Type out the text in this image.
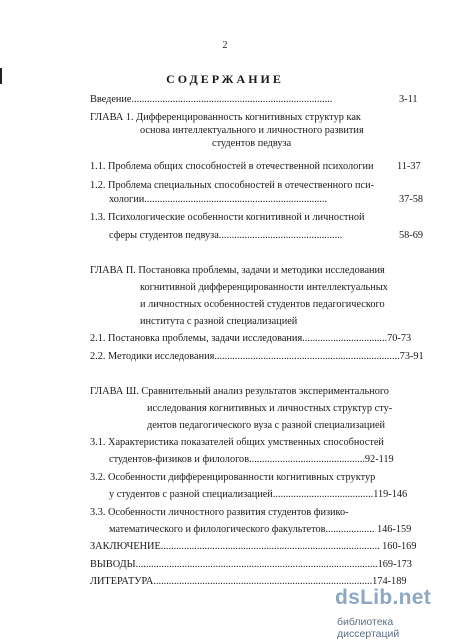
2
СОДЕРЖАНИЕ
Введение..............................................................................	3-11
ГЛАВА 1. Дифференцированность когнитивных структур как
основа интеллектуального и личностного развития
студентов педвуза
1.1. Проблема общих способностей в отечественной психологии 11-37
1.2. Проблема специальных способностей в отечественного пси-
хологии.......................................................................	37-58
1.3. Психологические особенности когнитивной и личностной
сферы студентов педвуза................................................	58-69
ГЛАВА П. Постановка проблемы, задачи и методики исследования
когнитивной дифференцированности интеллектуальных
и личностных особенностей студентов педагогического
института с разной специализацией
2.1. Постановка проблемы, задачи исследования.................................70-73
2.2. Методики исследования........................................................................73-91
ГЛАВА Ш. Сравнительный анализ результатов экспериментального
исследования когнитивных и личностных структур сту-
дентов педагогического вуза с разной специализацией
3.1. Характеристика показателей общих умственных способностей
студентов-физиков и филологов.............................................92-119
3.2. Особенности дифференцированности когнитивных структур
у студентов с разной специализацией.......................................119-146
3.3. Особенности личностного развития студентов физико-
математического и филологического факультетов................... 146-159
ЗАКЛЮЧЕНИЕ..................................................................................... 160-169
ВЫВОДЫ..............................................................................................169-173
ЛИТЕРАТУРА.....................................................................................174-189
dsLib.net
библиотека диссертаций
